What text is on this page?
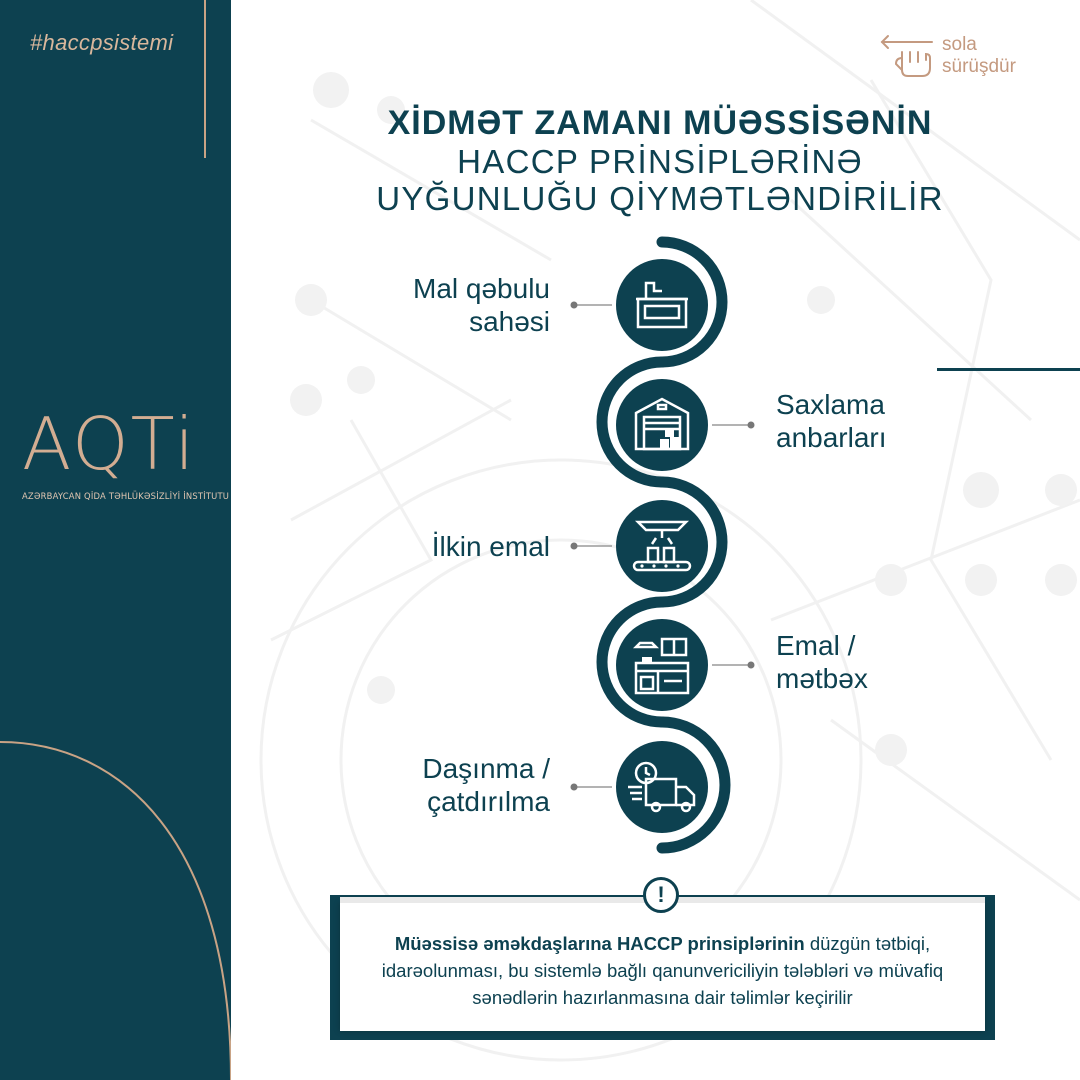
#haccpsistemi
AQTi
AZƏRBAYCAN QİDA TƏHLÜKƏSİZLİYİ İNSTİTUTU
sola
sürüşdür
XİDMƏT ZAMANI MÜƏSSİSƏNİN
HACCP PRİNSİPLƏRİNƏ
UYĞUNLUĞU QİYMƏTLƏNDİRİLİR
Mal qəbulu
sahəsi
Saxlama
anbarları
İlkin emal
Emal /
mətbəx
Daşınma /
çatdırılma
!
Müəssisə əməkdaşlarına HACCP prinsiplərinin düzgün tətbiqi, idarəolunması, bu sistemlə bağlı qanunvericiliyin tələbləri və müvafiq sənədlərin hazırlanmasına dair təlimlər keçirilir
